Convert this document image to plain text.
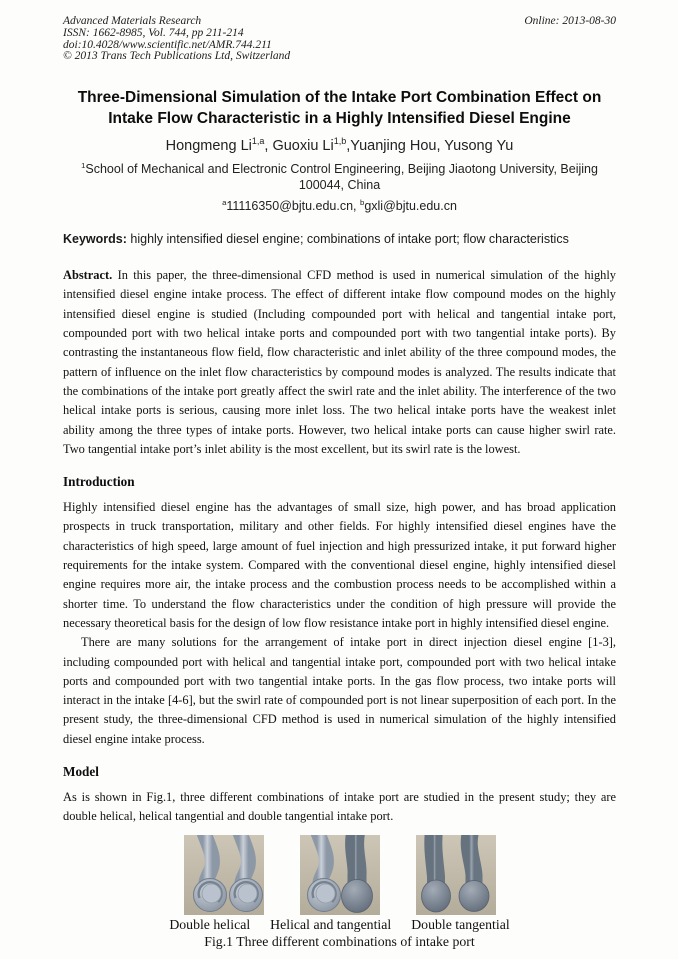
Advanced Materials Research
ISSN: 1662-8985, Vol. 744, pp 211-214
doi:10.4028/www.scientific.net/AMR.744.211
© 2013 Trans Tech Publications Ltd, Switzerland
Online: 2013-08-30
Three-Dimensional Simulation of the Intake Port Combination Effect on Intake Flow Characteristic in a Highly Intensified Diesel Engine
Hongmeng Li$^{1,a}$, Guoxiu Li$^{1,b}$,Yuanjing Hou, Yusong Yu
$^1$School of Mechanical and Electronic Control Engineering, Beijing Jiaotong University, Beijing 100044, China
$^a$11116350@bjtu.edu.cn, $^b$gxli@bjtu.edu.cn
Keywords: highly intensified diesel engine; combinations of intake port; flow characteristics

Abstract. In this paper, the three-dimensional CFD method is used in numerical simulation of the highly intensified diesel engine intake process. The effect of different intake flow compound modes on the highly intensified diesel engine is studied (Including compounded port with helical and tangential intake port, compounded port with two helical intake ports and compounded port with two tangential intake ports). By contrasting the instantaneous flow field, flow characteristic and inlet ability of the three compound modes, the pattern of influence on the inlet flow characteristics by compound modes is analyzed. The results indicate that the combinations of the intake port greatly affect the swirl rate and the inlet ability. The interference of the two helical intake ports is serious, causing more inlet loss. The two helical intake ports have the weakest inlet ability among the three types of intake ports. However, two helical intake ports can cause higher swirl rate. Two tangential intake port’s inlet ability is the most excellent, but its swirl rate is the lowest.

Introduction

Highly intensified diesel engine has the advantages of small size, high power, and has broad application prospects in truck transportation, military and other fields. For highly intensified diesel engines have the characteristics of high speed, large amount of fuel injection and high pressurized intake, it put forward higher requirements for the intake system. Compared with the conventional diesel engine, highly intensified diesel engine requires more air, the intake process and the combustion process needs to be accomplished within a shorter time. To understand the flow characteristics under the condition of high pressure will provide the necessary theoretical basis for the design of low flow resistance intake port in highly intensified diesel engine.

There are many solutions for the arrangement of intake port in direct injection diesel engine [1-3], including compounded port with helical and tangential intake port, compounded port with two helical intake ports and compounded port with two tangential intake ports. In the gas flow process, two intake ports will interact in the intake [4-6], but the swirl rate of compounded port is not linear superposition of each port. In the present study, the three-dimensional CFD method is used in numerical simulation of the highly intensified diesel engine intake process.

Model

As is shown in Fig.1, three different combinations of intake port are studied in the present study; they are double helical, helical tangential and double tangential intake port.

Double helical Helical and tangential Double tangential
Fig.1 Three different combinations of intake port
